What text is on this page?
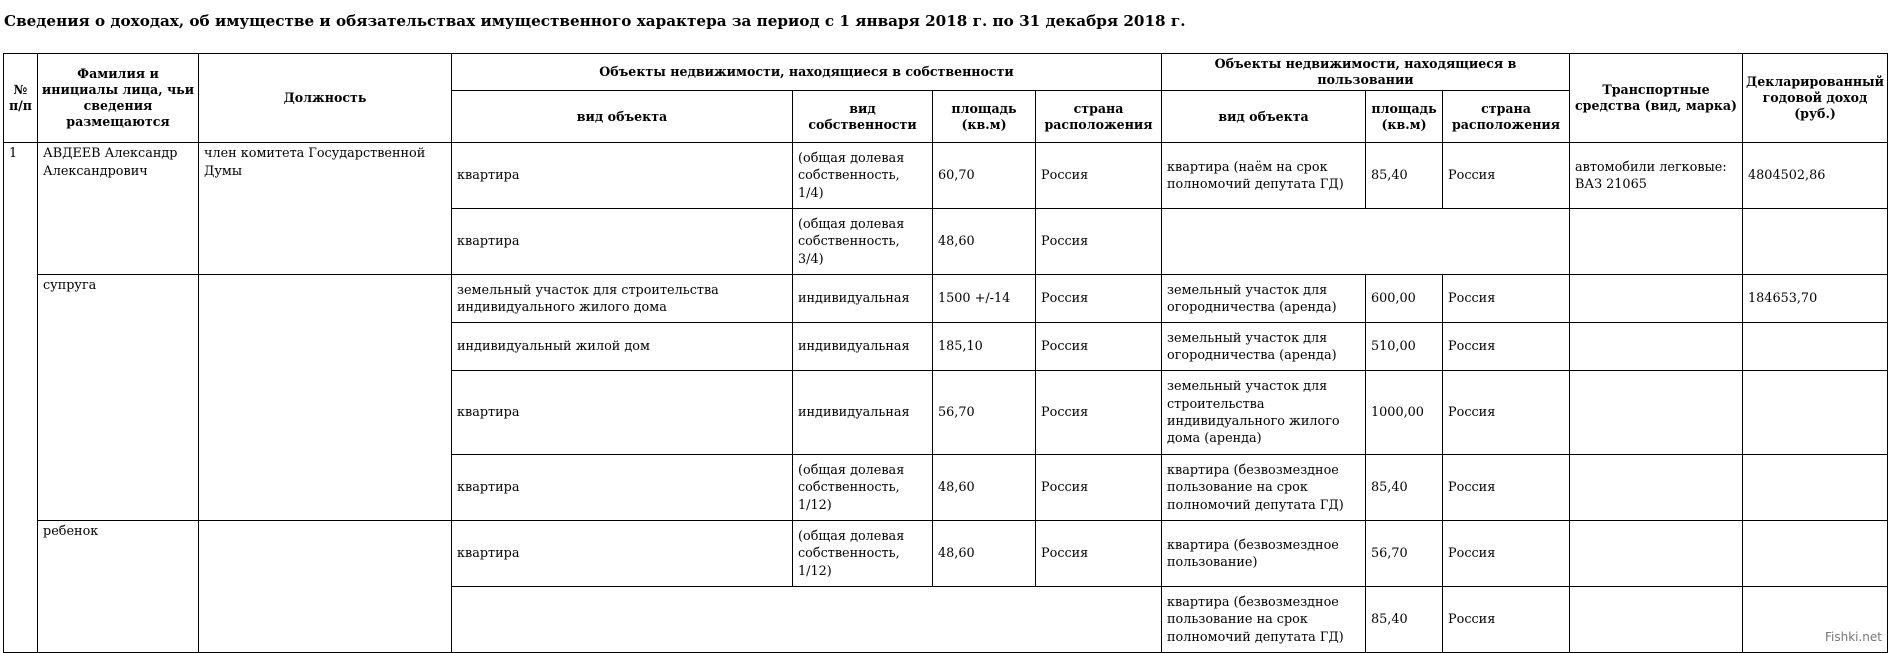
Сведения о доходах, об имуществе и обязательствах имущественного характера за период с 1 января 2018 г. по 31 декабря 2018 г.
№ п/п	Фамилия и инициалы лица, чьи сведения размещаются	Должность	Объекты недвижимости, находящиеся в собственности				Объекты недвижимости, находящиеся в пользовании			Транспортные средства (вид, марка)	Декларированный годовой доход (руб.)
			вид объекта	вид собственности	площадь (кв.м)	страна расположения	вид объекта	площадь (кв.м)	страна расположения		
1	АВДЕЕВ Александр Александрович	член комитета Государственной Думы	квартира	(общая долевая собственность, 1/4)	60,70	Россия	квартира (наём на срок полномочий депутата ГД)	85,40	Россия	автомобили легковые: ВАЗ 21065	4804502,86
			квартира	(общая долевая собственность, 3/4)	48,60	Россия					
	супруга		земельный участок для строительства индивидуального жилого дома	индивидуальная	1500 +/-14	Россия	земельный участок для огородничества (аренда)	600,00	Россия		184653,70
			индивидуальный жилой дом	индивидуальная	185,10	Россия	земельный участок для огородничества (аренда)	510,00	Россия		
			квартира	индивидуальная	56,70	Россия	земельный участок для строительства индивидуального жилого дома (аренда)	1000,00	Россия		
			квартира	(общая долевая собственность, 1/12)	48,60	Россия	квартира (безвозмездное пользование на срок полномочий депутата ГД)	85,40	Россия		
	ребенок		квартира	(общая долевая собственность, 1/12)	48,60	Россия	квартира (безвозмездное пользование)	56,70	Россия		
							квартира (безвозмездное пользование на срок полномочий депутата ГД)	85,40	Россия		
Fishki.net
